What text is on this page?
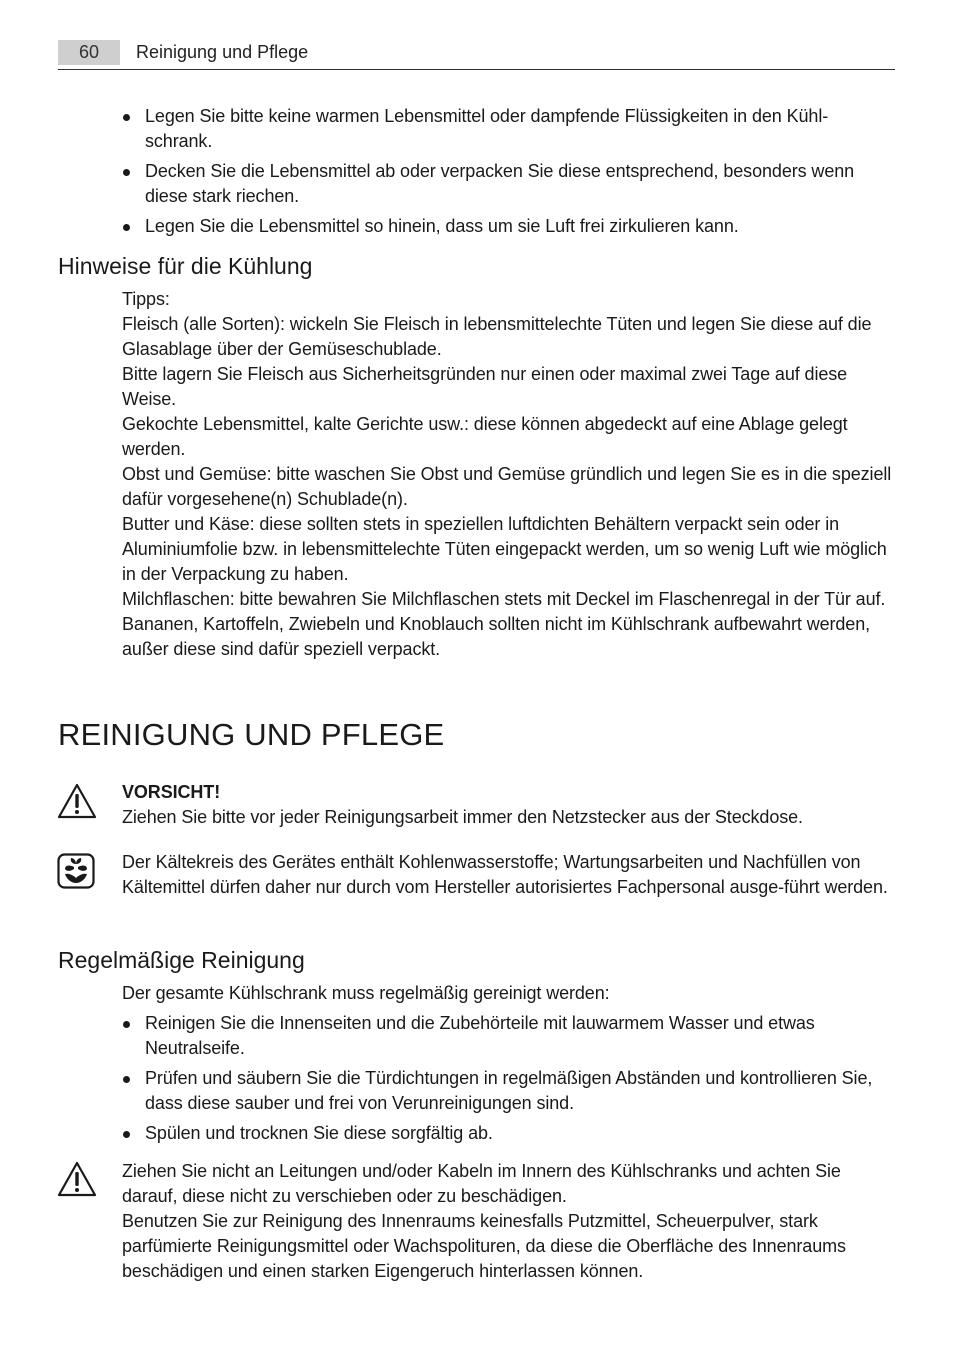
60	Reinigung und Pflege
Legen Sie bitte keine warmen Lebensmittel oder dampfende Flüssigkeiten in den Kühl-schrank.
Decken Sie die Lebensmittel ab oder verpacken Sie diese entsprechend, besonders wenn diese stark riechen.
Legen Sie die Lebensmittel so hinein, dass um sie Luft frei zirkulieren kann.
Hinweise für die Kühlung
Tipps:
Fleisch (alle Sorten): wickeln Sie Fleisch in lebensmittelechte Tüten und legen Sie diese auf die Glasablage über der Gemüseschublade.
Bitte lagern Sie Fleisch aus Sicherheitsgründen nur einen oder maximal zwei Tage auf diese Weise.
Gekochte Lebensmittel, kalte Gerichte usw.: diese können abgedeckt auf eine Ablage gelegt werden.
Obst und Gemüse: bitte waschen Sie Obst und Gemüse gründlich und legen Sie es in die speziell dafür vorgesehene(n) Schublade(n).
Butter und Käse: diese sollten stets in speziellen luftdichten Behältern verpackt sein oder in Aluminiumfolie bzw. in lebensmittelechte Tüten eingepackt werden, um so wenig Luft wie möglich in der Verpackung zu haben.
Milchflaschen: bitte bewahren Sie Milchflaschen stets mit Deckel im Flaschenregal in der Tür auf.
Bananen, Kartoffeln, Zwiebeln und Knoblauch sollten nicht im Kühlschrank aufbewahrt werden, außer diese sind dafür speziell verpackt.
REINIGUNG UND PFLEGE
VORSICHT!
Ziehen Sie bitte vor jeder Reinigungsarbeit immer den Netzstecker aus der Steckdose.
Der Kältekreis des Gerätes enthält Kohlenwasserstoffe; Wartungsarbeiten und Nachfüllen von Kältemittel dürfen daher nur durch vom Hersteller autorisiertes Fachpersonal ausge-führt werden.
Regelmäßige Reinigung
Der gesamte Kühlschrank muss regelmäßig gereinigt werden:
Reinigen Sie die Innenseiten und die Zubehörteile mit lauwarmem Wasser und etwas Neutralseife.
Prüfen und säubern Sie die Türdichtungen in regelmäßigen Abständen und kontrollieren Sie, dass diese sauber und frei von Verunreinigungen sind.
Spülen und trocknen Sie diese sorgfältig ab.
Ziehen Sie nicht an Leitungen und/oder Kabeln im Innern des Kühlschranks und achten Sie darauf, diese nicht zu verschieben oder zu beschädigen.
Benutzen Sie zur Reinigung des Innenraums keinesfalls Putzmittel, Scheuerpulver, stark parfümierte Reinigungsmittel oder Wachspolituren, da diese die Oberfläche des Innenraums beschädigen und einen starken Eigengeruch hinterlassen können.
